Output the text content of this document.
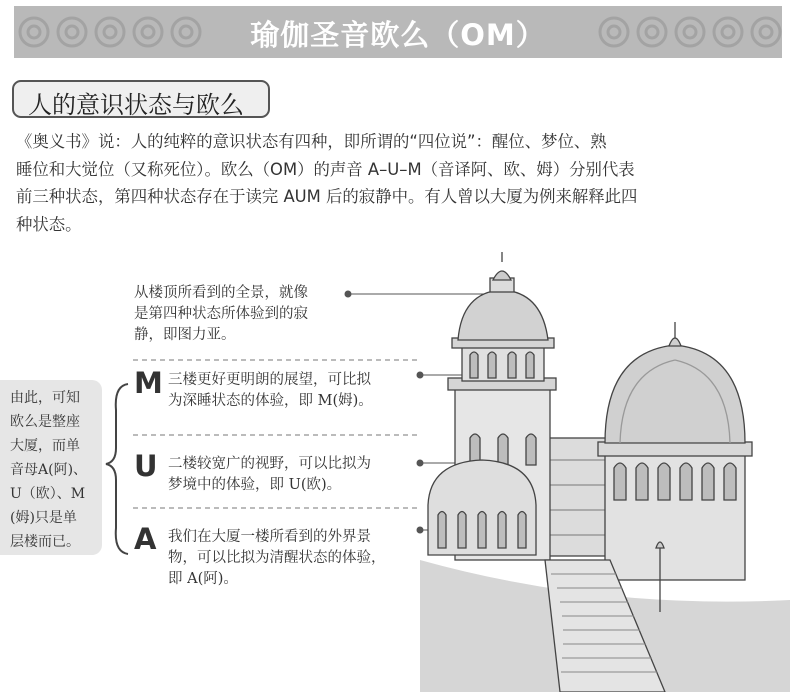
瑜伽圣音欧么（OM）
人的意识状态与欧么
《奥义书》说：人的纯粹的意识状态有四种，即所谓的“四位说”：醒位、梦位、熟
睡位和大觉位（又称死位）。欧么（OM）的声音 A–U–M（音译阿、欧、姆）分别代表
前三种状态，第四种状态存在于读完 AUM 后的寂静中。有人曾以大厦为例来解释此四
种状态。
从楼顶所看到的全景，就像
是第四种状态所体验到的寂
静，即图力亚。
M 三楼更好更明朗的展望，可比拟
为深睡状态的体验，即 M(姆)。
U 二楼较宽广的视野，可以比拟为
梦境中的体验，即 U(欧)。
A 我们在大厦一楼所看到的外界景
物，可以比拟为清醒状态的体验，
即 A(阿)。
由此，可知
欧么是整座
大厦，而单
音母A(阿)、
U（欧）、M
(姆)只是单
层楼而已。
